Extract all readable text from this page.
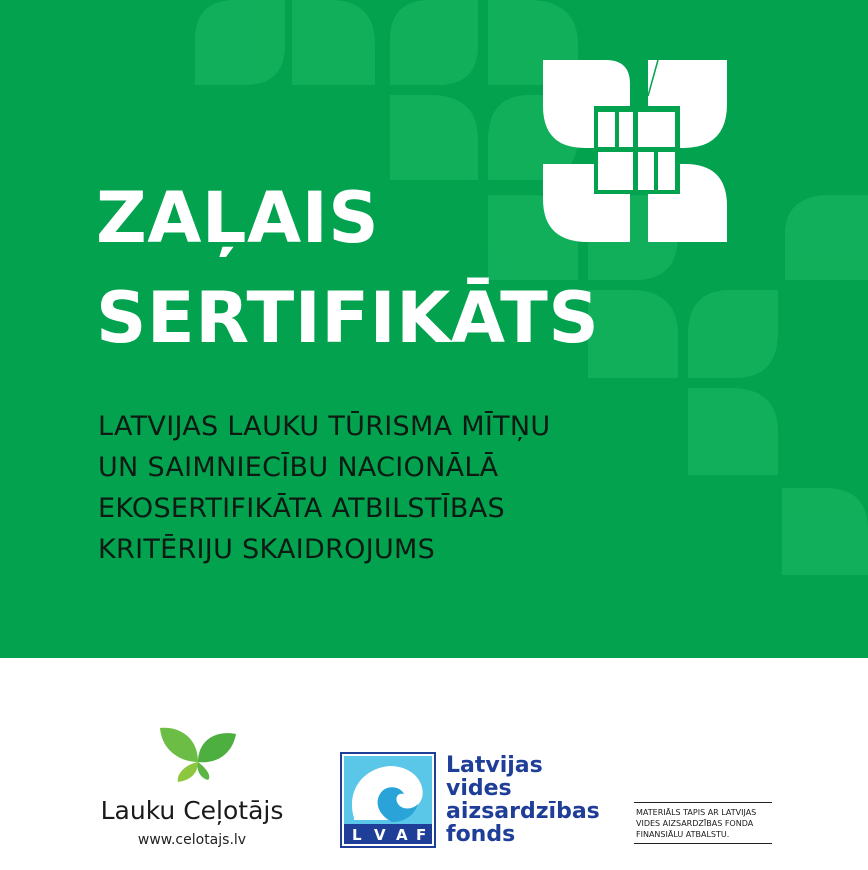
ZAĻAIS
SERTIFIKĀTS

LATVIJAS LAUKU TŪRISMA MĪTŅU
UN SAIMNIECĪBU NACIONĀLĀ
EKOSERTIFIKĀTA ATBILSTĪBAS
KRITĒRIJU SKAIDROJUMS

Lauku Ceļotājs
www.celotajs.lv	L V A F

Latvijas
vides
aizsardzības
fonds

MATERIĀLS TAPIS AR LATVIJAS
VIDES AIZSARDZĪBAS FONDA
FINANSIĀLU ATBALSTU.
